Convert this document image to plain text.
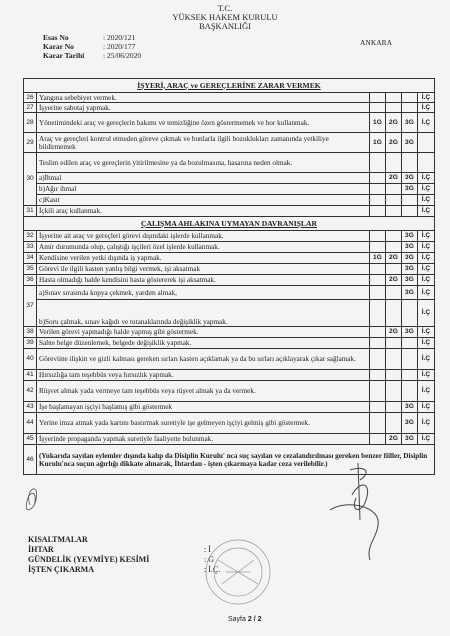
T.C.
YÜKSEK HAKEM KURULU
BAŞKANLIĞI
Esas No	: 2020/121
Karar No	: 2020/177
Karar Tarihi : 25/06/2020
ANKARA
İŞYERİ, ARAÇ ve GEREÇLERİNE ZARAR VERMEK					
26	Yangına sebebiyet vermek.				İ.Ç
27	İşyerine sabotaj yapmak.				İ.Ç
28	Yönetimindeki araç ve gereçlerin bakımı ve temizliğine özen göstermemek ve hor kullanmak.	1G	2G	3G	İ.Ç
29	Araç ve gereçleri kontrol etmeden göreve çıkmak ve bunlarla ilgili bozuklukları zamanında yetkiliye bildirmemek	1G	2G	3G	
30	Teslim edilen araç ve gereçlerin yitirilmesine ya da bozulmasına, hasarına neden olmak.				
	a)İhmal		2G	3G	İ.Ç
	b)Ağır ihmal			3G	İ.Ç
	c)Kasıt				İ.Ç
31	İçkili araç kullanmak.				İ.Ç
ÇALIŞMA AHLAKINA UYMAYAN DAVRANIŞLAR					
32	İşyerine ait araç ve gereçleri görevi dışındaki işlerde kullanmak.			3G	İ.Ç
33	Amir durumunda olup, çalıştığı işçileri özel işlerde kullanmak.			3G	İ.Ç
34	Kendisine verilen yetki dışında iş yapmak.	1G	2G	3G	İ.Ç
35	Görevi ile ilgili kasten yanlış bilgi vermek, işi aksatmak			3G	İ.Ç
36	Hasta olmadığı halde kendisini hasta göstererek işi aksatmak.		2G	3G	İ.Ç
37	a)Sınav sırasında kopya çekmek, yardım almak,			3G	İ.Ç
	b)Soru çalmak, sınav kağıdı ve tutanaklarında değişiklik yapmak.				İ.Ç
38	Verilen görevi yapmadığı halde yapmış gibi göstermek.		2G	3G	İ.Ç
39	Sahte belge düzenlemek, belgede değişiklik yapmak.				İ.Ç
40	Göreviine ilişkin ve gizli kalması gereken sırları kasten açıklamak ya da bu sırları açıklayarak çıkar sağlamak.				İ.Ç
41	Hırsızlığa tam teşebbüs veya hırsızlık yapmak.				İ.Ç
42	Rüşvet almak yada vermeye tam teşebbüs veya rüşvet almak ya da vermek.				İ.Ç
43	İşe başlamayan işçiyi başlamış gibi göstermek			3G	İ.Ç
44	Yerine imza atmak yada kartını bastırmak suretiyle işe gelmeyen işçiyi gelmiş gibi göstermek.			3G	İ.Ç
45	İşyerinde propaganda yapmak suretiyle faaliyette bulunmak.		2G	3G	İ.Ç
46	(Yukarıda sayılan eylemler dışında kalıp da Disiplin Kurulu' nca suç sayılan ve cezalandırılması gereken benzer fiiller, Disiplin Kurulu'nca suçun ağırlığı dikkate alınarak, İhtardan - işten çıkarmaya kadar ceza verilebilir.)				
KISALTMALAR
İHTAR	: İ
GÜNDELİK (YEVMİYE) KESİMİ	: G
İŞTEN ÇIKARMA	: İ.Ç.
Sayfa 2 / 2
